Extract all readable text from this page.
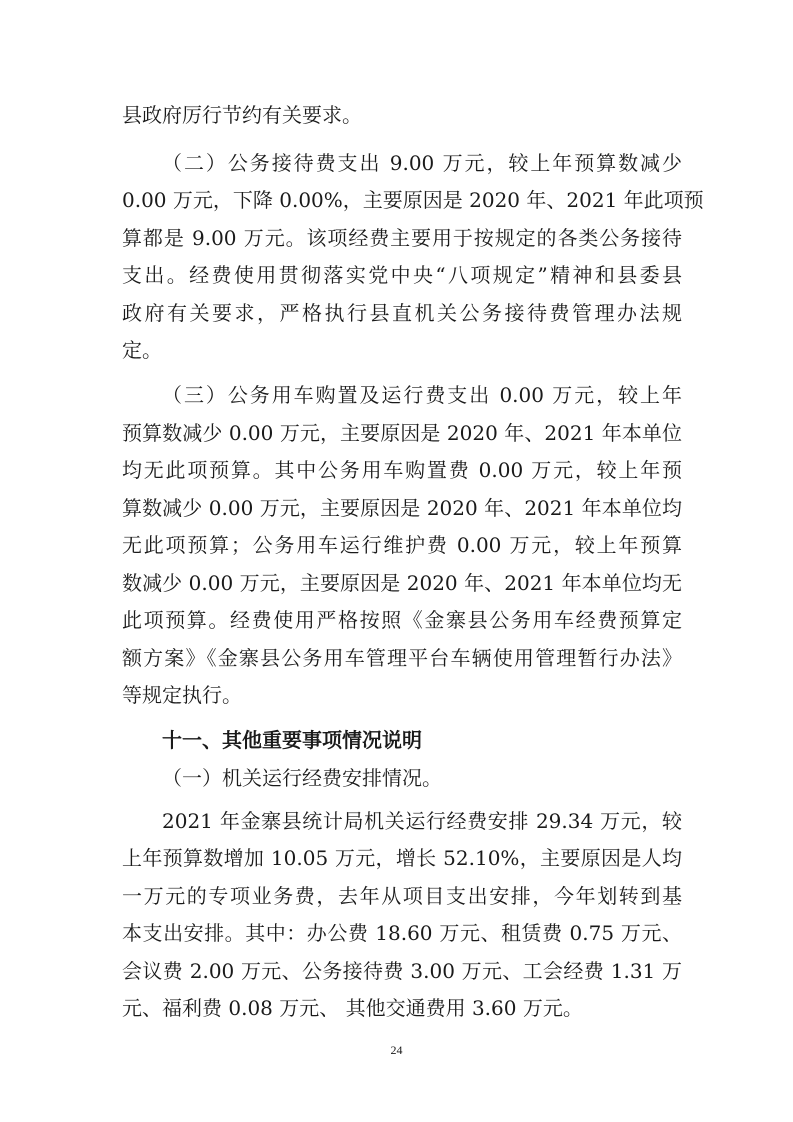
县政府厉行节约有关要求。
（二）公务接待费支出 9.00 万元，较上年预算数减少
0.00 万元，下降 0.00%，主要原因是 2020 年、2021 年此项预
算都是 9.00 万元。该项经费主要用于按规定的各类公务接待
支出。经费使用贯彻落实党中央“八项规定”精神和县委县
政府有关要求，严格执行县直机关公务接待费管理办法规
定。
（三）公务用车购置及运行费支出 0.00 万元，较上年
预算数减少 0.00 万元，主要原因是 2020 年、2021 年本单位
均无此项预算。其中公务用车购置费 0.00 万元，较上年预
算数减少 0.00 万元，主要原因是 2020 年、2021 年本单位均
无此项预算；公务用车运行维护费 0.00 万元，较上年预算
数减少 0.00 万元，主要原因是 2020 年、2021 年本单位均无
此项预算。经费使用严格按照《金寨县公务用车经费预算定
额方案》《金寨县公务用车管理平台车辆使用管理暂行办法》
等规定执行。
十一、其他重要事项情况说明
（一）机关运行经费安排情况。
2021 年金寨县统计局机关运行经费安排 29.34 万元，较
上年预算数增加 10.05 万元，增长 52.10%，主要原因是人均
一万元的专项业务费，去年从项目支出安排，今年划转到基
本支出安排。其中：办公费 18.60 万元、租赁费 0.75 万元、
会议费 2.00 万元、公务接待费 3.00 万元、工会经费 1.31 万
元、福利费 0.08 万元、 其他交通费用 3.60 万元。
24
